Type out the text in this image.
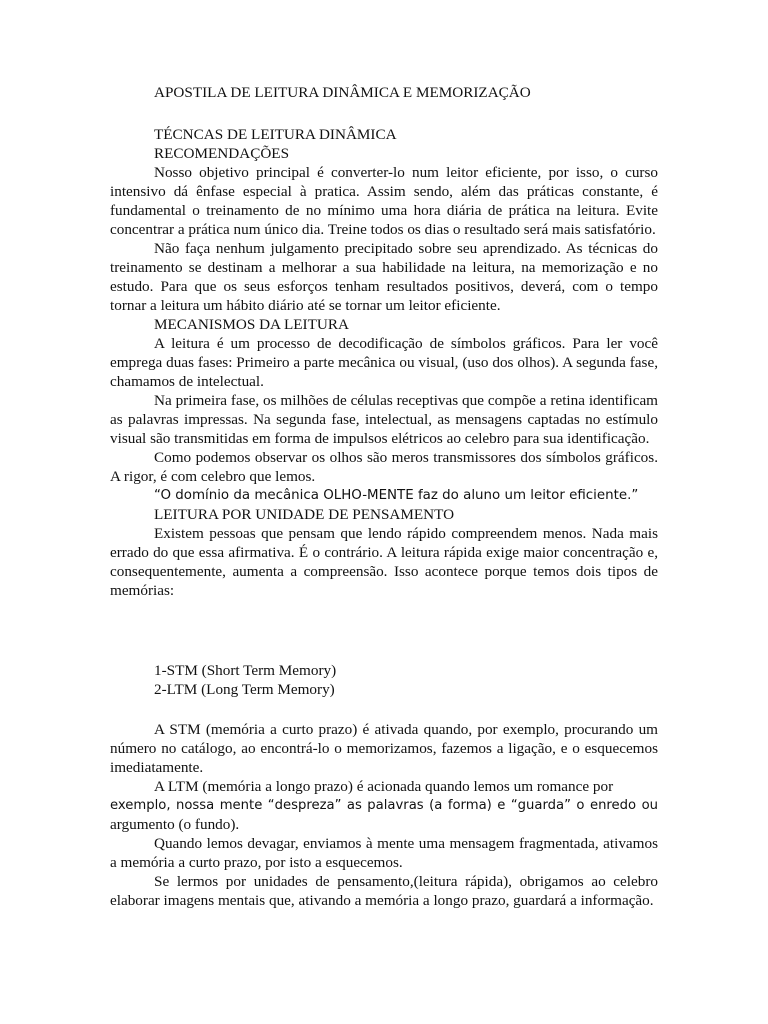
APOSTILA DE LEITURA DINÂMICA E MEMORIZAÇÃO

TÉCNCAS DE LEITURA DINÂMICA

RECOMENDAÇÕES

Nosso objetivo principal é converter-lo num leitor eficiente, por isso, o curso intensivo dá ênfase especial à pratica. Assim sendo, além das práticas constante, é fundamental o treinamento de no mínimo uma hora diária de prática na leitura. Evite concentrar a prática num único dia. Treine todos os dias o resultado será mais satisfatório.

Não faça nenhum julgamento precipitado sobre seu aprendizado. As técnicas do treinamento se destinam a melhorar a sua habilidade na leitura, na memorização e no estudo. Para que os seus esforços tenham resultados positivos, deverá, com o tempo tornar a leitura um hábito diário até se tornar um leitor eficiente.

MECANISMOS DA LEITURA

A leitura é um processo de decodificação de símbolos gráficos. Para ler você emprega duas fases: Primeiro a parte mecânica ou visual, (uso dos olhos). A segunda fase, chamamos de intelectual.

Na primeira fase, os milhões de células receptivas que compõe a retina identificam as palavras impressas. Na segunda fase, intelectual, as mensagens captadas no estímulo visual são transmitidas em forma de impulsos elétricos ao celebro para sua identificação.

Como podemos observar os olhos são meros transmissores dos símbolos gráficos. A rigor, é com celebro que lemos.

“O domínio da mecânica OLHO-MENTE faz do aluno um leitor eficiente.”

LEITURA POR UNIDADE DE PENSAMENTO

Existem pessoas que pensam que lendo rápido compreendem menos. Nada mais errado do que essa afirmativa. É o contrário. A leitura rápida exige maior concentração e, consequentemente, aumenta a compreensão. Isso acontece porque temos dois tipos de memórias:

1-STM (Short Term Memory)

2-LTM (Long Term Memory)

A STM (memória a curto prazo) é ativada quando, por exemplo, procurando um número no catálogo, ao encontrá-lo o memorizamos, fazemos a ligação, e o esquecemos imediatamente.

A LTM (memória a longo prazo) é acionada quando lemos um romance por

exemplo, nossa mente “despreza” as palavras (a forma) e “guarda” o enredo ou

argumento (o fundo).

Quando lemos devagar, enviamos à mente uma mensagem fragmentada, ativamos a memória a curto prazo, por isto a esquecemos.

Se lermos por unidades de pensamento,(leitura rápida), obrigamos ao celebro elaborar imagens mentais que, ativando a memória a longo prazo, guardará a informação.
